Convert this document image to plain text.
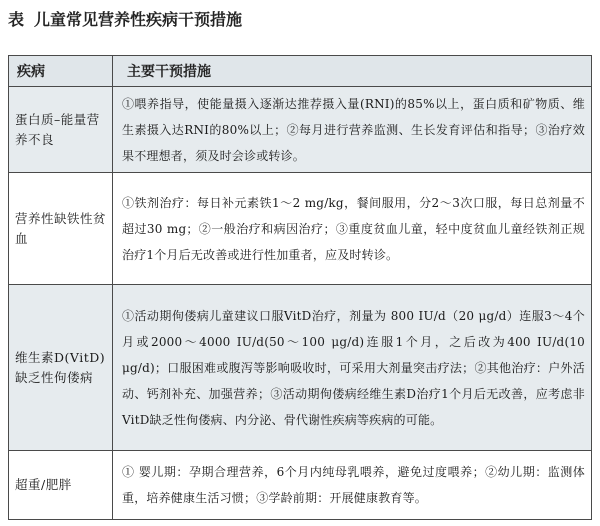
表 儿童常见营养性疾病干预措施
疾病	主要干预措施
蛋白质–能量营养不良	①喂养指导，使能量摄入逐渐达推荐摄入量(RNI)的85%以上，蛋白质和矿物质、维生素摄入达RNI的80%以上；②每月进行营养监测、生长发育评估和指导；③治疗效果不理想者，须及时会诊或转诊。
营养性缺铁性贫血	①铁剂治疗：每日补元素铁1～2 mg/kg，餐间服用，分2～3次口服，每日总剂量不超过30 mg；②一般治疗和病因治疗；③重度贫血儿童，轻中度贫血儿童经铁剂正规治疗1个月后无改善或进行性加重者，应及时转诊。
维生素D(VitD)缺乏性佝偻病	①活动期佝偻病儿童建议口服VitD治疗，剂量为 800 IU/d（20 μg/d）连服3～4个月或2000～4000 IU/d(50～100 μg/d)连服1个月，之后改为400 IU/d(10 μg/d)；口服困难或腹泻等影响吸收时，可采用大剂量突击疗法；②其他治疗：户外活动、钙剂补充、加强营养；③活动期佝偻病经维生素D治疗1个月后无改善，应考虑非VitD缺乏性佝偻病、内分泌、骨代谢性疾病等疾病的可能。
超重/肥胖	① 婴儿期：孕期合理营养，6个月内纯母乳喂养，避免过度喂养；②幼儿期：监测体重，培养健康生活习惯；③学龄前期：开展健康教育等。
